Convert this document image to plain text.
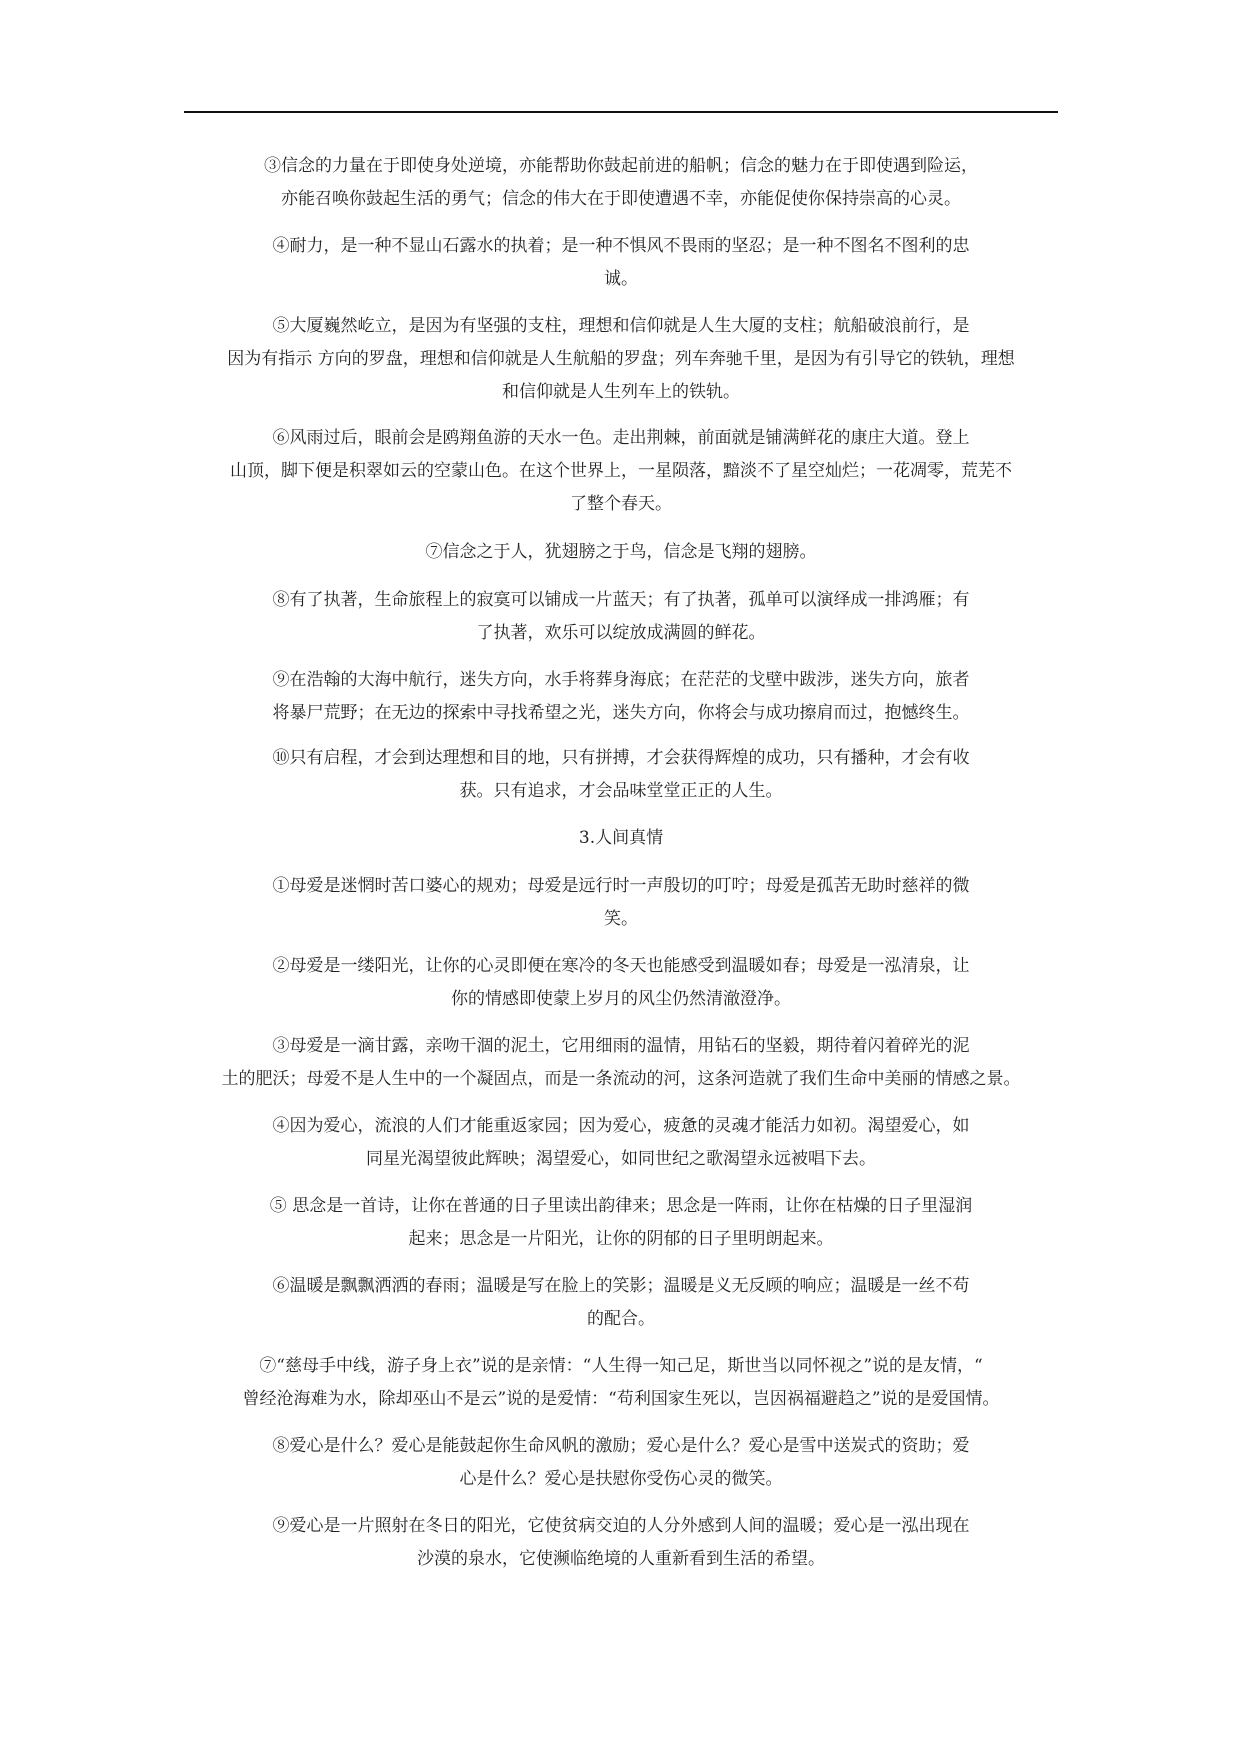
③信念的力量在于即使身处逆境，亦能帮助你鼓起前进的船帆；信念的魅力在于即使遇到险运，
亦能召唤你鼓起生活的勇气；信念的伟大在于即使遭遇不幸，亦能促使你保持崇高的心灵。

④耐力，是一种不显山石露水的执着；是一种不惧风不畏雨的坚忍；是一种不图名不图利的忠
诚。

⑤大厦巍然屹立，是因为有坚强的支柱，理想和信仰就是人生大厦的支柱；航船破浪前行，是
因为有指示 方向的罗盘，理想和信仰就是人生航船的罗盘；列车奔驰千里，是因为有引导它的铁轨，理想
和信仰就是人生列车上的铁轨。

⑥风雨过后，眼前会是鸥翔鱼游的天水一色。走出荆棘，前面就是铺满鲜花的康庄大道。登上
山顶，脚下便是积翠如云的空蒙山色。在这个世界上，一星陨落，黯淡不了星空灿烂；一花凋零，荒芜不
了整个春天。

⑦信念之于人，犹翅膀之于鸟，信念是飞翔的翅膀。

⑧有了执著，生命旅程上的寂寞可以铺成一片蓝天；有了执著，孤单可以演绎成一排鸿雁；有
了执著，欢乐可以绽放成满圆的鲜花。

⑨在浩翰的大海中航行，迷失方向，水手将葬身海底；在茫茫的戈壁中跋涉，迷失方向，旅者
将暴尸荒野；在无边的探索中寻找希望之光，迷失方向，你将会与成功擦肩而过，抱憾终生。

⑩只有启程，才会到达理想和目的地，只有拼搏，才会获得辉煌的成功，只有播种，才会有收
获。只有追求，才会品味堂堂正正的人生。

3.人间真情

①母爱是迷惘时苦口婆心的规劝；母爱是远行时一声殷切的叮咛；母爱是孤苦无助时慈祥的微
笑。

②母爱是一缕阳光，让你的心灵即便在寒冷的冬天也能感受到温暖如春；母爱是一泓清泉，让
你的情感即使蒙上岁月的风尘仍然清澈澄净。

③母爱是一滴甘露，亲吻干涸的泥土，它用细雨的温情，用钻石的坚毅，期待着闪着碎光的泥
土的肥沃；母爱不是人生中的一个凝固点，而是一条流动的河，这条河造就了我们生命中美丽的情感之景。

④因为爱心，流浪的人们才能重返家园；因为爱心，疲惫的灵魂才能活力如初。渴望爱心，如
同星光渴望彼此辉映；渴望爱心，如同世纪之歌渴望永远被唱下去。

⑤ 思念是一首诗，让你在普通的日子里读出韵律来；思念是一阵雨，让你在枯燥的日子里湿润
起来；思念是一片阳光，让你的阴郁的日子里明朗起来。

⑥温暖是飘飘洒洒的春雨；温暖是写在脸上的笑影；温暖是义无反顾的响应；温暖是一丝不苟
的配合。

⑦“慈母手中线，游子身上衣”说的是亲情：“人生得一知己足，斯世当以同怀视之”说的是友情，“
曾经沧海难为水，除却巫山不是云”说的是爱情：“苟利国家生死以，岂因祸福避趋之”说的是爱国情。

⑧爱心是什么？爱心是能鼓起你生命风帆的激励；爱心是什么？爱心是雪中送炭式的资助；爱
心是什么？爱心是扶慰你受伤心灵的微笑。

⑨爱心是一片照射在冬日的阳光，它使贫病交迫的人分外感到人间的温暖；爱心是一泓出现在
沙漠的泉水，它使濒临绝境的人重新看到生活的希望。
